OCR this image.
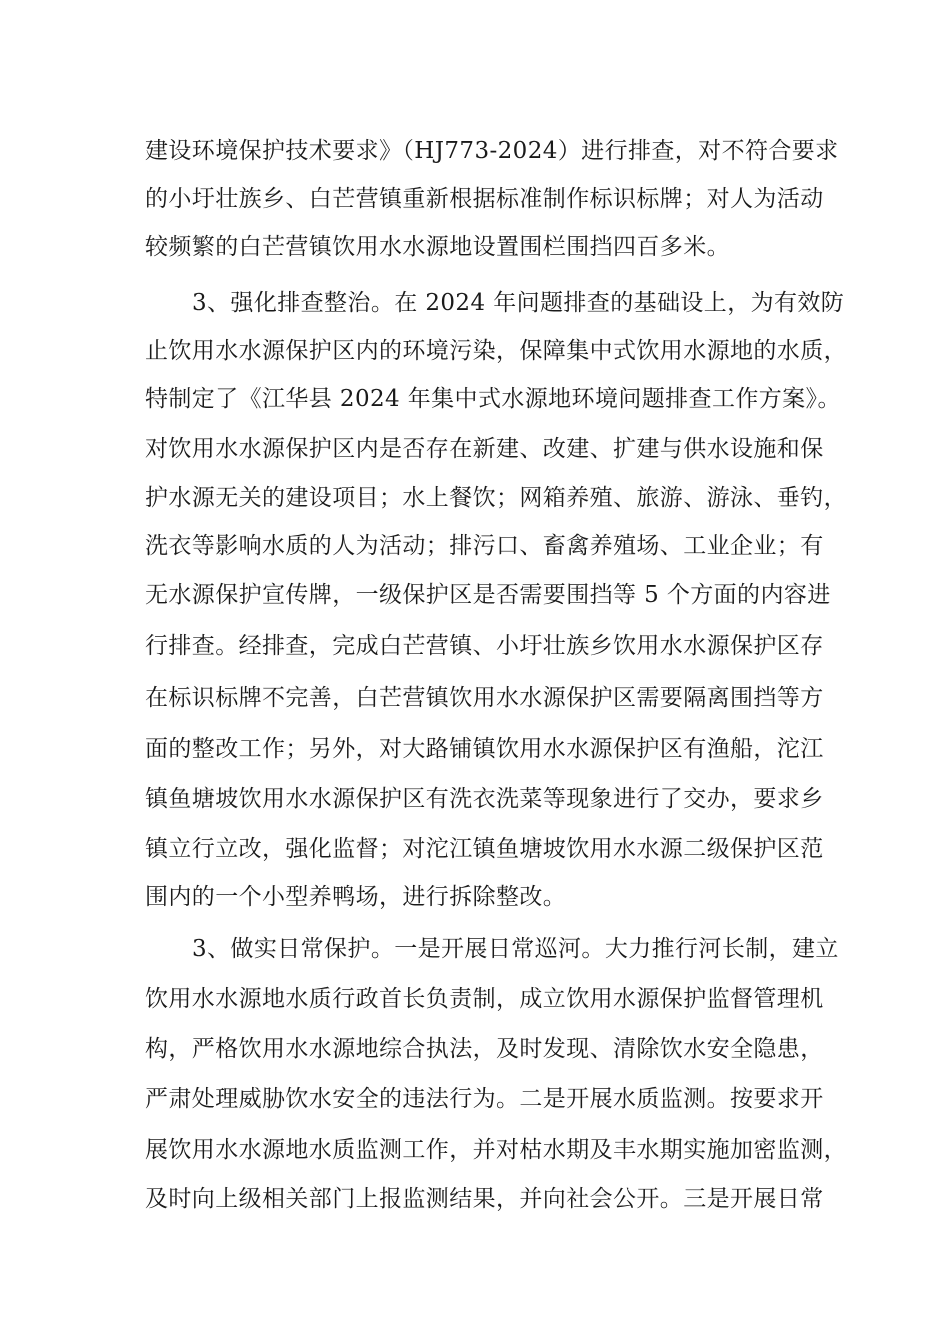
建设环境保护技术要求》（HJ773-2024）进行排查，对不符合要求
的小圩壮族乡、白芒营镇重新根据标准制作标识标牌；对人为活动
较频繁的白芒营镇饮用水水源地设置围栏围挡四百多米。
3、强化排查整治。在 2024 年问题排查的基础设上，为有效防
止饮用水水源保护区内的环境污染，保障集中式饮用水源地的水质，
特制定了《江华县 2024 年集中式水源地环境问题排查工作方案》。
对饮用水水源保护区内是否存在新建、改建、扩建与供水设施和保
护水源无关的建设项目；水上餐饮；网箱养殖、旅游、游泳、垂钓，
洗衣等影响水质的人为活动；排污口、畜禽养殖场、工业企业；有
无水源保护宣传牌，一级保护区是否需要围挡等 5 个方面的内容进
行排查。经排查，完成白芒营镇、小圩壮族乡饮用水水源保护区存
在标识标牌不完善，白芒营镇饮用水水源保护区需要隔离围挡等方
面的整改工作；另外，对大路铺镇饮用水水源保护区有渔船，沱江
镇鱼塘坡饮用水水源保护区有洗衣洗菜等现象进行了交办，要求乡
镇立行立改，强化监督；对沱江镇鱼塘坡饮用水水源二级保护区范
围内的一个小型养鸭场，进行拆除整改。
3、做实日常保护。一是开展日常巡河。大力推行河长制，建立
饮用水水源地水质行政首长负责制，成立饮用水源保护监督管理机
构，严格饮用水水源地综合执法，及时发现、清除饮水安全隐患，
严肃处理威胁饮水安全的违法行为。二是开展水质监测。按要求开
展饮用水水源地水质监测工作，并对枯水期及丰水期实施加密监测，
及时向上级相关部门上报监测结果，并向社会公开。三是开展日常
